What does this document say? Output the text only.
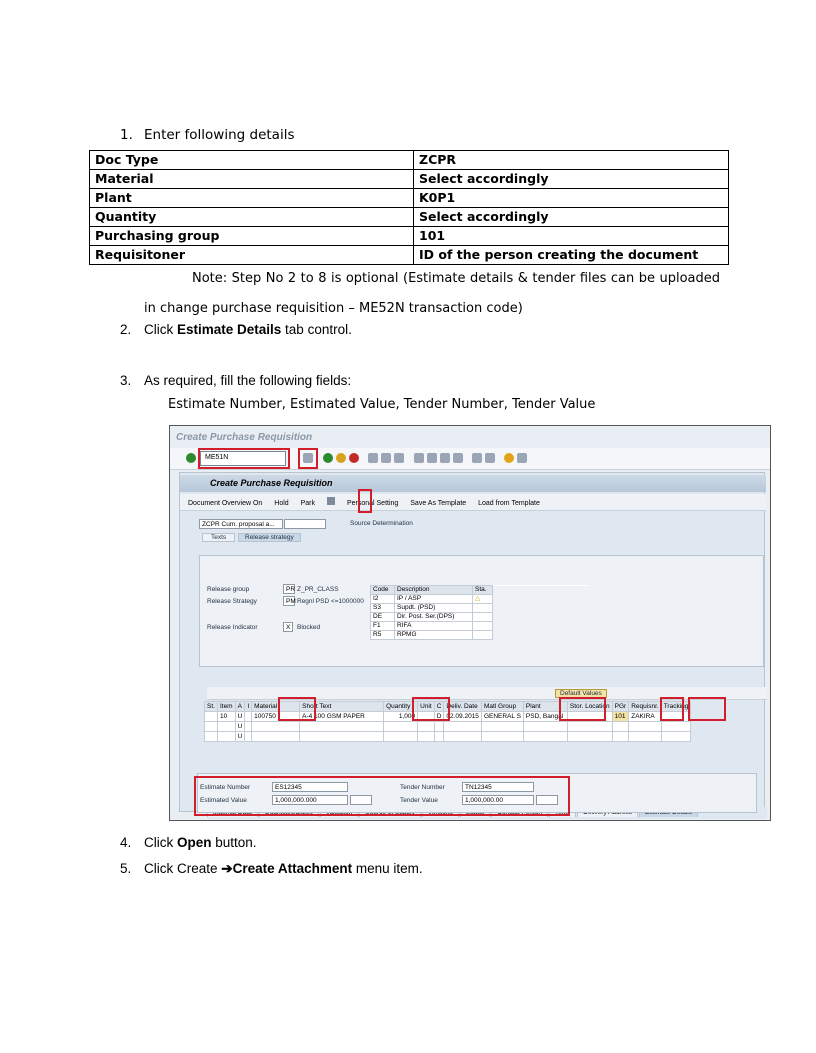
1. Enter following details
Doc Type	ZCPR
Material	Select accordingly
Plant	K0P1
Quantity	Select accordingly
Purchasing group	101
Requisitoner	ID of the person creating the document
Note: Step No 2 to 8 is optional (Estimate details & tender files can be uploaded in change purchase requisition – ME52N transaction code)
2. Click Estimate Details tab control.
3. As required, fill the following fields:
Estimate Number, Estimated Value, Tender Number, Tender Value
Create Purchase Requisition
ME51N
Create Purchase Requisition
Document Overview On Hold Park	Personal Setting Save As Template Load from Template
ZCPR Cum. proposal a...	Source Determination
Texts	Release strategy
Release group	PR Z_PR_CLASS
Release Strategy	PM Regnl PSD <=1000000
Release Indicator	X	Blocked
Code	Description	Sta.	
I2	IP / ASP	△	
S3	Supdt. (PSD)		
DE	Dir. Post. Ser.(DPS)		
F1	RIFA		
R5	RPMG		
Default Values
St.	Item	A	I	Material	Short Text	Quantity	Unit	C	Deliv. Date	Matl Group	Plant	Stor. Location	PGr	Requisnr.	Tracking
	10	U		100750	A-4 100 GSM PAPER	1,000		D	02.09.2015	GENERAL S	PSD, Bangal		101	ZAKIRA	
		U													
		U													
Estimate Number	ES12345
Estimated Value	1,000,000.000
Tender Number	TN12345
Tender Value	1,000,000.00
4. Click Open button.
5. Click Create ➔Create Attachment menu item.
